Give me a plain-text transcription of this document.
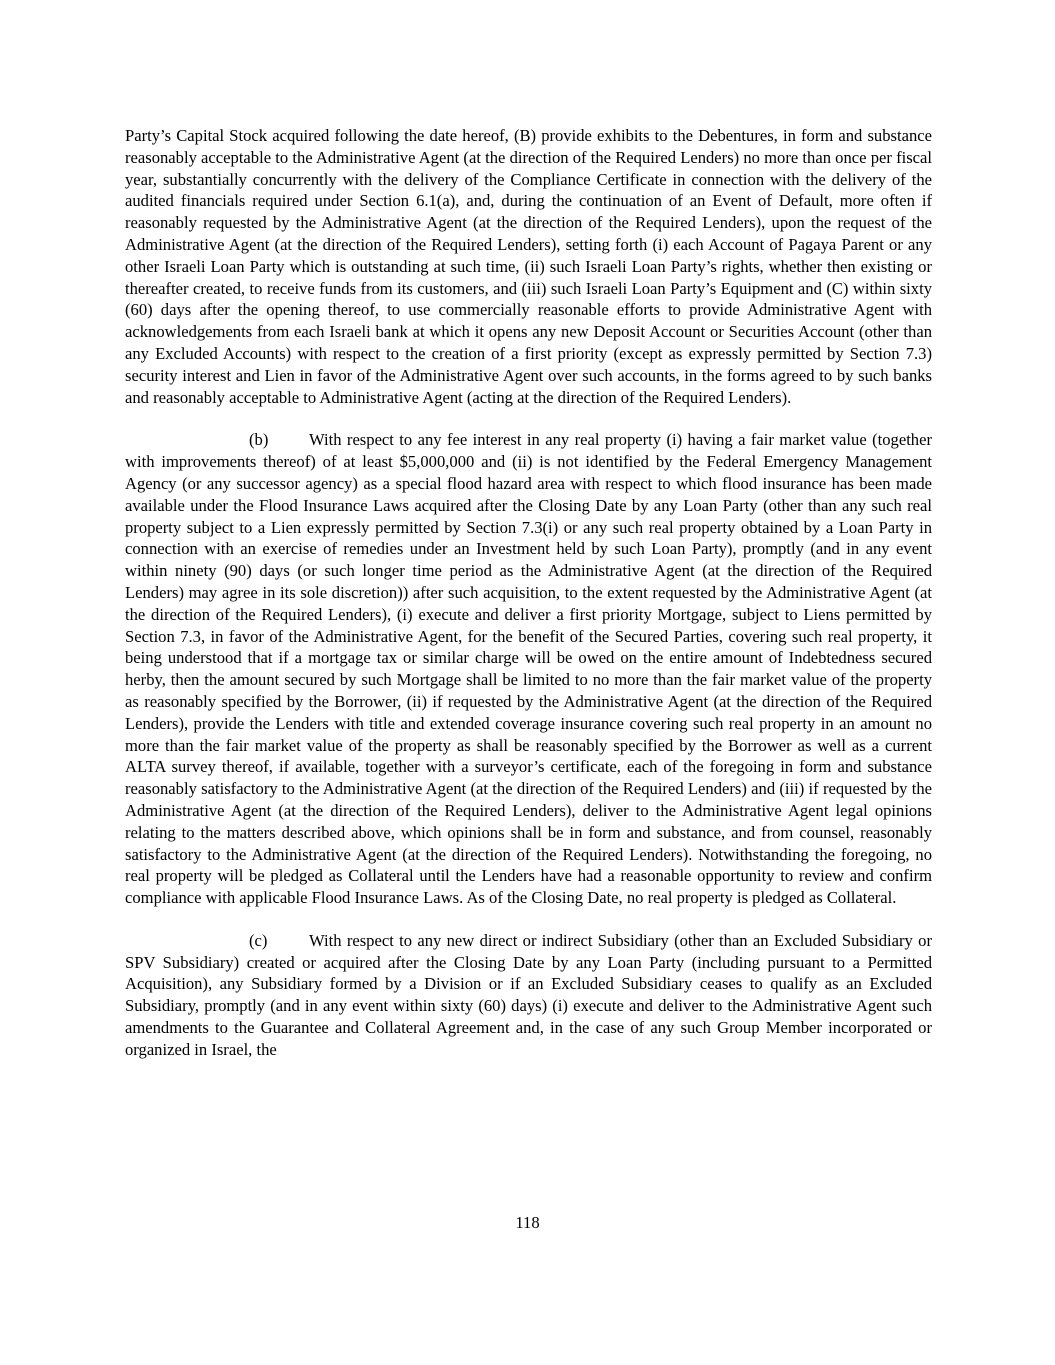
Party’s Capital Stock acquired following the date hereof, (B) provide exhibits to the Debentures, in form and substance reasonably acceptable to the Administrative Agent (at the direction of the Required Lenders) no more than once per fiscal year, substantially concurrently with the delivery of the Compliance Certificate in connection with the delivery of the audited financials required under Section 6.1(a), and, during the continuation of an Event of Default, more often if reasonably requested by the Administrative Agent (at the direction of the Required Lenders), upon the request of the Administrative Agent (at the direction of the Required Lenders), setting forth (i) each Account of Pagaya Parent or any other Israeli Loan Party which is outstanding at such time, (ii) such Israeli Loan Party’s rights, whether then existing or thereafter created, to receive funds from its customers, and (iii) such Israeli Loan Party’s Equipment and (C) within sixty (60) days after the opening thereof, to use commercially reasonable efforts to provide Administrative Agent with acknowledgements from each Israeli bank at which it opens any new Deposit Account or Securities Account (other than any Excluded Accounts) with respect to the creation of a first priority (except as expressly permitted by Section 7.3) security interest and Lien in favor of the Administrative Agent over such accounts, in the forms agreed to by such banks and reasonably acceptable to Administrative Agent (acting at the direction of the Required Lenders).

(b) With respect to any fee interest in any real property (i) having a fair market value (together with improvements thereof) of at least $5,000,000 and (ii) is not identified by the Federal Emergency Management Agency (or any successor agency) as a special flood hazard area with respect to which flood insurance has been made available under the Flood Insurance Laws acquired after the Closing Date by any Loan Party (other than any such real property subject to a Lien expressly permitted by Section 7.3(i) or any such real property obtained by a Loan Party in connection with an exercise of remedies under an Investment held by such Loan Party), promptly (and in any event within ninety (90) days (or such longer time period as the Administrative Agent (at the direction of the Required Lenders) may agree in its sole discretion)) after such acquisition, to the extent requested by the Administrative Agent (at the direction of the Required Lenders), (i) execute and deliver a first priority Mortgage, subject to Liens permitted by Section 7.3, in favor of the Administrative Agent, for the benefit of the Secured Parties, covering such real property, it being understood that if a mortgage tax or similar charge will be owed on the entire amount of Indebtedness secured herby, then the amount secured by such Mortgage shall be limited to no more than the fair market value of the property as reasonably specified by the Borrower, (ii) if requested by the Administrative Agent (at the direction of the Required Lenders), provide the Lenders with title and extended coverage insurance covering such real property in an amount no more than the fair market value of the property as shall be reasonably specified by the Borrower as well as a current ALTA survey thereof, if available, together with a surveyor’s certificate, each of the foregoing in form and substance reasonably satisfactory to the Administrative Agent (at the direction of the Required Lenders) and (iii) if requested by the Administrative Agent (at the direction of the Required Lenders), deliver to the Administrative Agent legal opinions relating to the matters described above, which opinions shall be in form and substance, and from counsel, reasonably satisfactory to the Administrative Agent (at the direction of the Required Lenders). Notwithstanding the foregoing, no real property will be pledged as Collateral until the Lenders have had a reasonable opportunity to review and confirm compliance with applicable Flood Insurance Laws. As of the Closing Date, no real property is pledged as Collateral.

(c)	With respect to any new direct or indirect Subsidiary (other than an Excluded Subsidiary or SPV Subsidiary) created or acquired after the Closing Date by any Loan Party (including pursuant to a Permitted Acquisition), any Subsidiary formed by a Division or if an Excluded Subsidiary ceases to qualify as an Excluded Subsidiary, promptly (and in any event within sixty (60) days) (i) execute and deliver to the Administrative Agent such amendments to the Guarantee and Collateral Agreement and, in the case of any such Group Member incorporated or organized in Israel, the

118
